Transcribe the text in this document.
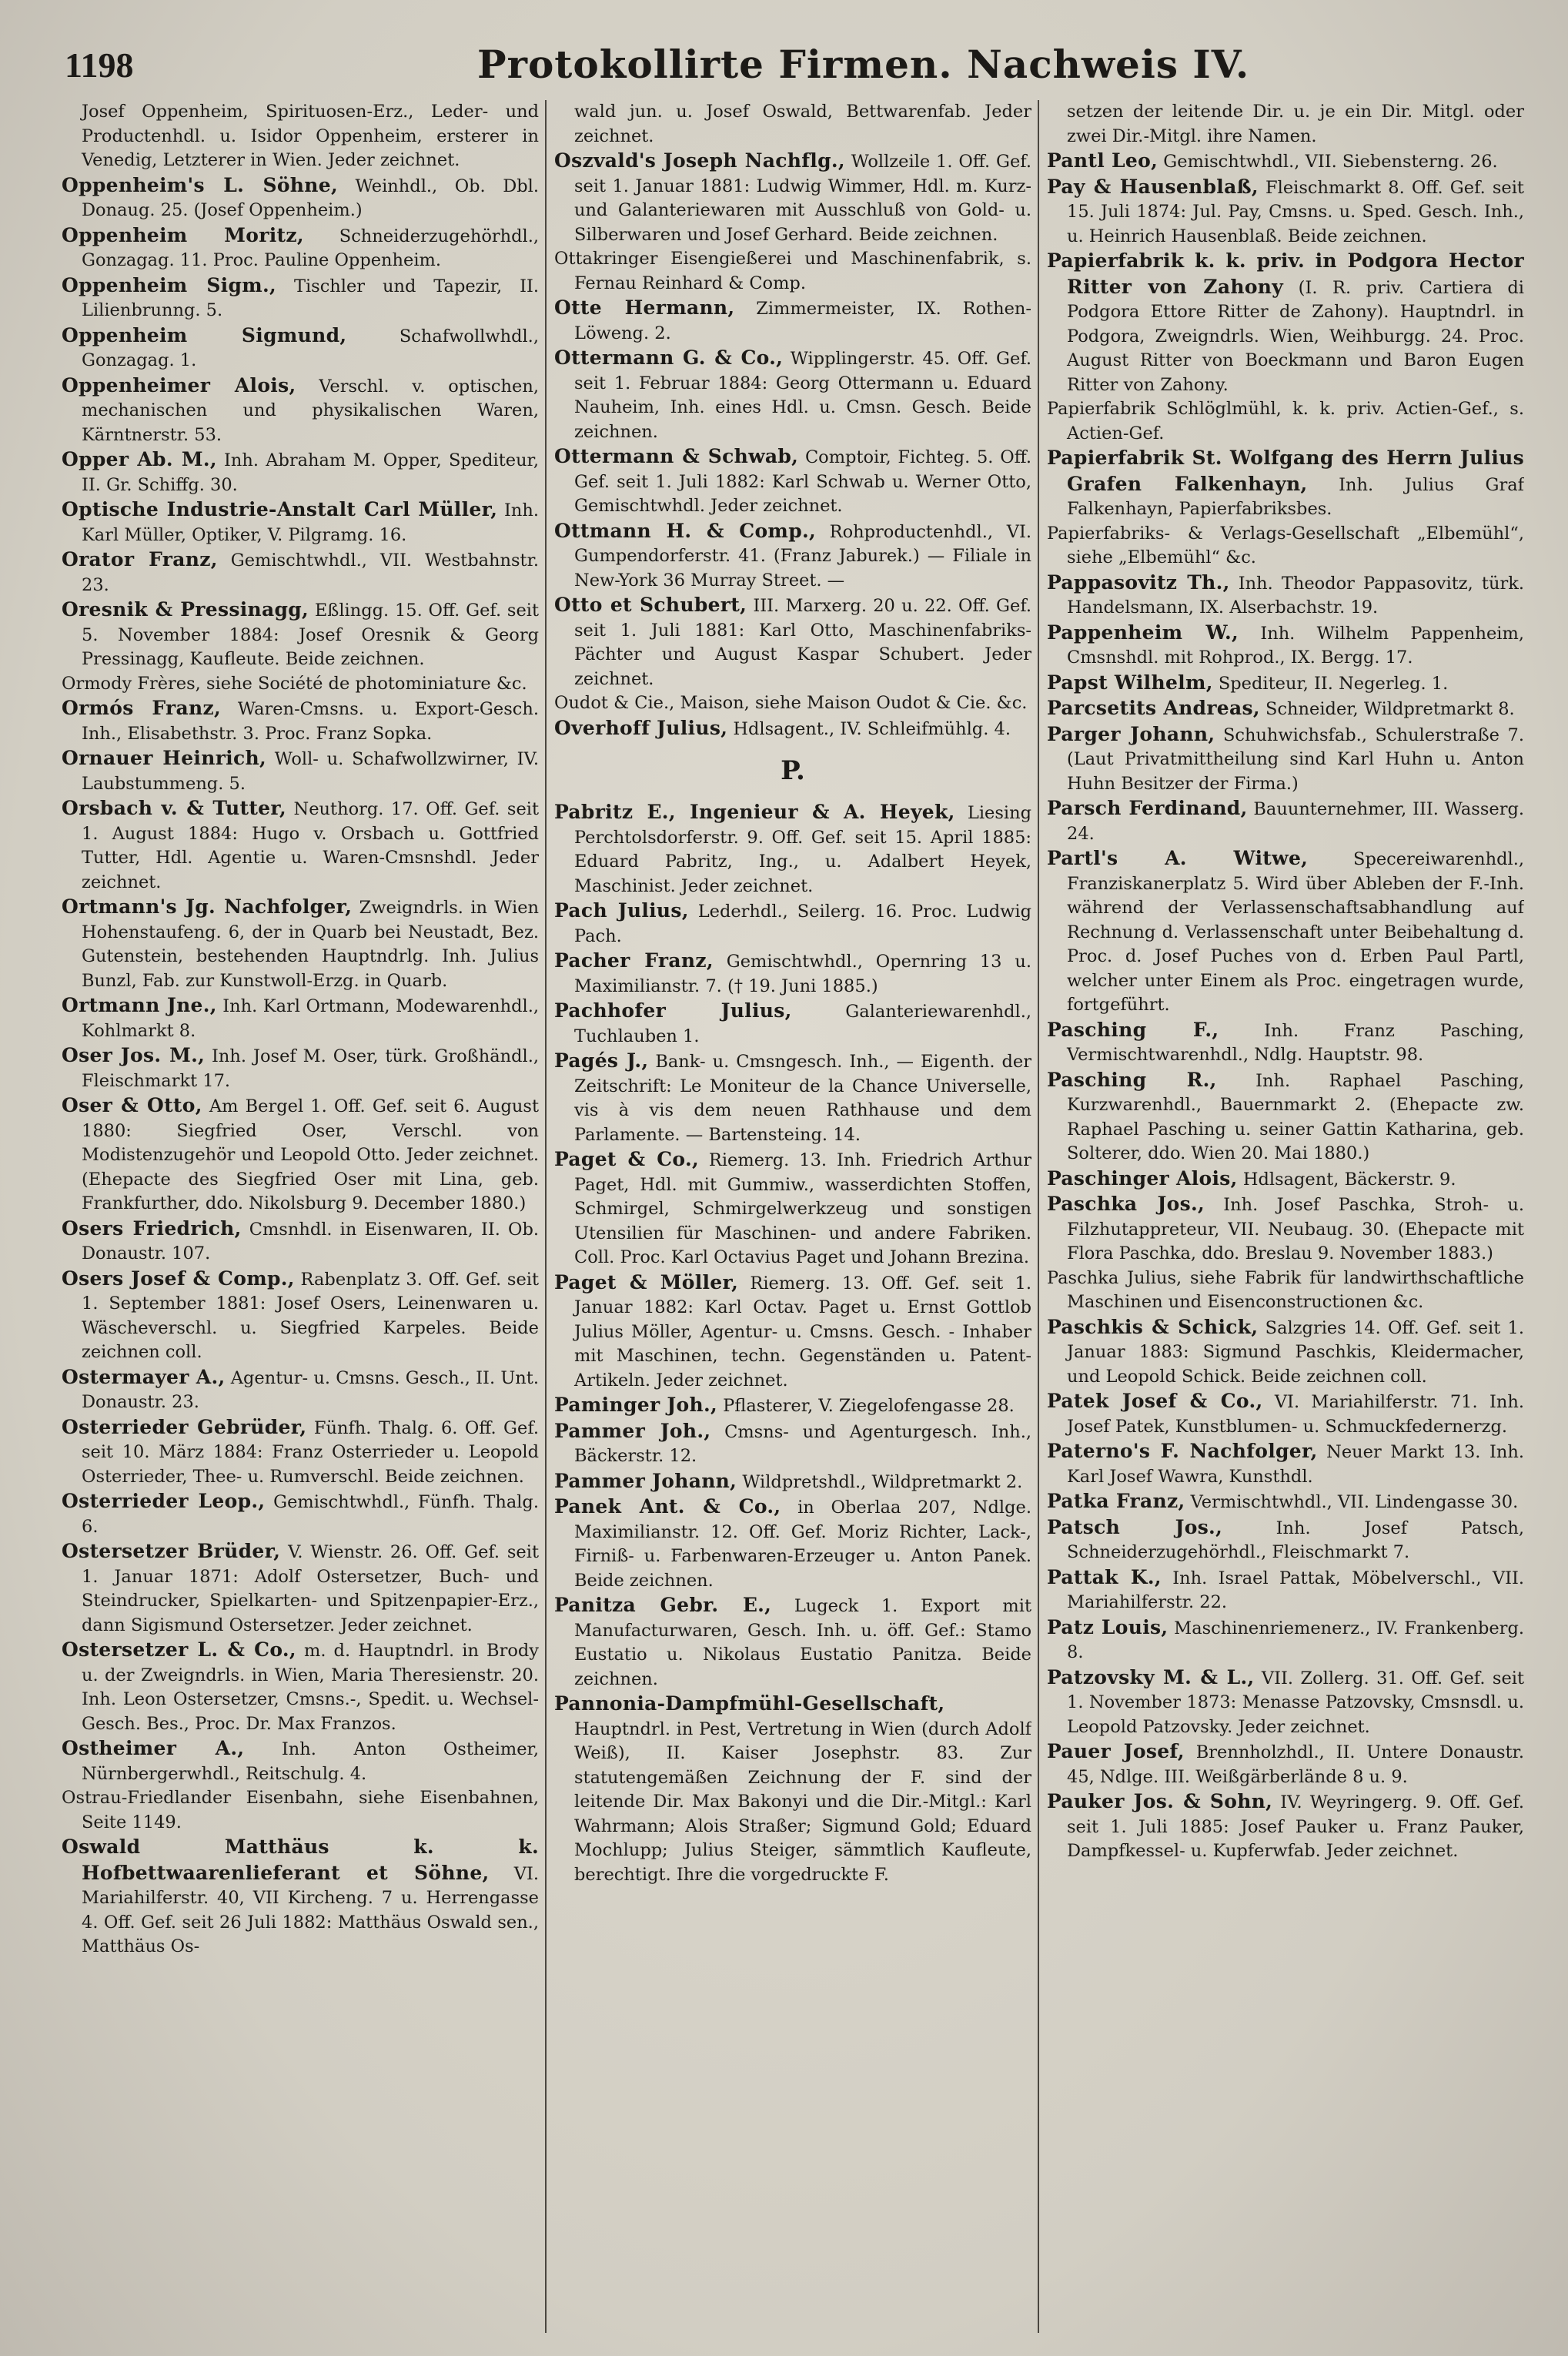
1198	Protokollirte Firmen. Nachweis IV.

Josef Oppenheim, Spirituosen-Erz., Leder- und Productenhdl. u. Isidor Oppenheim, ersterer in Venedig, Letzterer in Wien. Jeder zeichnet.

Oppenheim's L. Söhne, Weinhdl., Ob. Dbl. Donaug. 25. (Josef Oppenheim.)

Oppenheim Moritz, Schneiderzugehörhdl., Gonzagag. 11. Proc. Pauline Oppenheim.

Oppenheim Sigm., Tischler und Tapezir, II. Lilienbrunng. 5.

Oppenheim Sigmund,	Schafwollwhdl., Gonzagag. 1.

Oppenheimer Alois, Verschl. v. optischen, mechanischen und physikalischen Waren, Kärntnerstr. 53.

Opper Ab. M., Inh. Abraham M. Opper, Spediteur, II. Gr. Schiffg. 30.

Optische Industrie-Anstalt Carl Müller, Inh. Karl Müller, Optiker, V. Pilgramg. 16.

Orator Franz, Gemischtwhdl., VII. Westbahnstr. 23.

Oresnik & Pressinagg, Eßlingg. 15. Off. Gef. seit 5. November 1884: Josef Oresnik & Georg Pressinagg, Kaufleute. Beide zeichnen.

Ormody Frères, siehe Société de photominiature &c.

Ormós Franz, Waren-Cmsns. u. Export-Gesch. Inh., Elisabethstr. 3. Proc. Franz Sopka.

Ornauer Heinrich, Woll- u. Schafwollzwirner, IV. Laubstummeng. 5.

Orsbach v. & Tutter, Neuthorg. 17. Off. Gef. seit 1. August 1884: Hugo v. Orsbach u. Gottfried Tutter, Hdl. Agentie u. Waren-Cmsnshdl. Jeder zeichnet.

Ortmann's Jg. Nachfolger, Zweigndrls. in Wien Hohenstaufeng. 6, der in Quarb bei Neustadt, Bez. Gutenstein, bestehenden Hauptndrlg. Inh. Julius Bunzl, Fab. zur Kunstwoll-Erzg. in Quarb.

Ortmann Jne., Inh. Karl Ortmann, Modewarenhdl., Kohlmarkt 8.

Oser Jos. M., Inh. Josef M. Oser, türk. Großhändl., Fleischmarkt 17.

Oser & Otto, Am Bergel 1. Off. Gef. seit 6. August 1880: Siegfried Oser, Verschl. von Modistenzugehör und Leopold Otto. Jeder zeichnet. (Ehepacte des Siegfried Oser mit Lina, geb. Frankfurther, ddo. Nikolsburg 9. December 1880.)

Osers Friedrich, Cmsnhdl. in Eisenwaren, II. Ob. Donaustr. 107.

Osers Josef & Comp., Rabenplatz 3. Off. Gef. seit 1. September 1881: Josef Osers, Leinenwaren u. Wäscheverschl. u. Siegfried Karpeles. Beide zeichnen coll.

Ostermayer A., Agentur- u. Cmsns. Gesch., II. Unt. Donaustr. 23.

Osterrieder Gebrüder, Fünfh. Thalg. 6. Off. Gef. seit 10. März 1884: Franz Osterrieder u. Leopold Osterrieder, Thee- u. Rumverschl. Beide zeichnen.

Osterrieder Leop., Gemischtwhdl., Fünfh. Thalg. 6.

Ostersetzer Brüder, V. Wienstr. 26. Off. Gef. seit 1. Januar 1871: Adolf Ostersetzer, Buch- und Steindrucker, Spielkarten- und Spitzenpapier-Erz., dann Sigismund Ostersetzer. Jeder zeichnet.

Ostersetzer L. & Co., m. d. Hauptndrl. in Brody u. der Zweigndrls. in Wien, Maria Theresienstr. 20. Inh. Leon Ostersetzer, Cmsns.-, Spedit. u. Wechsel-Gesch. Bes., Proc. Dr. Max Franzos.

Ostheimer A., Inh. Anton Ostheimer, Nürnbergerwhdl., Reitschulg. 4.

Ostrau-Friedlander Eisenbahn, siehe Eisenbahnen, Seite 1149.

Oswald Matthäus k. k. Hofbettwaarenlieferant et Söhne, VI. Mariahilferstr. 40, VII Kircheng. 7 u. Herrengasse 4. Off. Gef. seit 26 Juli 1882: Matthäus Oswald sen., Matthäus Os-

wald jun. u. Josef Oswald, Bettwarenfab. Jeder zeichnet.

Oszvald's Joseph Nachflg., Wollzeile 1. Off. Gef. seit 1. Januar 1881: Ludwig Wimmer, Hdl. m. Kurz- und Galanteriewaren mit Ausschluß von Gold- u. Silberwaren und Josef Gerhard. Beide zeichnen.

Ottakringer Eisengießerei und Maschinenfabrik, s. Fernau Reinhard & Comp.

Otte Hermann, Zimmermeister, IX. Rothen-Löweng. 2.

Ottermann G. & Co., Wipplingerstr. 45. Off. Gef. seit 1. Februar 1884: Georg Ottermann u. Eduard Nauheim, Inh. eines Hdl. u. Cmsn. Gesch. Beide zeichnen.

Ottermann & Schwab, Comptoir, Fichteg. 5. Off. Gef. seit 1. Juli 1882: Karl Schwab u. Werner Otto, Gemischtwhdl. Jeder zeichnet.

Ottmann H. & Comp., Rohproductenhdl., VI. Gumpendorferstr. 41. (Franz Jaburek.) — Filiale in New-York 36 Murray Street. —

Otto et Schubert, III. Marxerg. 20 u. 22. Off. Gef. seit 1. Juli 1881: Karl Otto, Maschinenfabriks-Pächter und August Kaspar Schubert. Jeder zeichnet.

Oudot & Cie., Maison, siehe Maison Oudot & Cie. &c.

Overhoff Julius, Hdlsagent., IV. Schleifmühlg. 4.

P.

Pabritz E., Ingenieur & A. Heyek, Liesing Perchtolsdorferstr. 9. Off. Gef. seit 15. April 1885: Eduard Pabritz, Ing., u. Adalbert Heyek, Maschinist. Jeder zeichnet.

Pach Julius, Lederhdl., Seilerg. 16. Proc. Ludwig Pach.

Pacher Franz, Gemischtwhdl., Opernring 13 u. Maximilianstr. 7. († 19. Juni 1885.)

Pachhofer Julius,	Galanteriewarenhdl., Tuchlauben 1.

Pagés J., Bank- u. Cmsngesch. Inh., — Eigenth. der Zeitschrift: Le Moniteur de la Chance Universelle, vis à vis dem neuen Rathhause und dem Parlamente. — Bartensteing. 14.

Paget & Co., Riemerg. 13. Inh. Friedrich Arthur Paget, Hdl. mit Gummiw., wasserdichten Stoffen, Schmirgel, Schmirgelwerkzeug und sonstigen Utensilien für Maschinen- und andere Fabriken. Coll. Proc. Karl Octavius Paget und Johann Brezina.

Paget & Möller, Riemerg. 13. Off. Gef. seit 1. Januar 1882: Karl Octav. Paget u. Ernst Gottlob Julius Möller, Agentur- u. Cmsns. Gesch. - Inhaber mit Maschinen, techn. Gegenständen u. Patent-Artikeln. Jeder zeichnet.

Paminger Joh., Pflasterer, V. Ziegelofengasse 28.

Pammer Joh., Cmsns- und Agenturgesch. Inh., Bäckerstr. 12.

Pammer Johann, Wildpretshdl., Wildpretmarkt 2.

Panek Ant. & Co., in Oberlaa 207, Ndlge. Maximilianstr. 12. Off. Gef. Moriz Richter, Lack-, Firniß- u. Farbenwaren-Erzeuger u. Anton Panek. Beide zeichnen.

Panitza Gebr. E., Lugeck 1. Export mit Manufacturwaren, Gesch. Inh. u. öff. Gef.: Stamo Eustatio u. Nikolaus Eustatio Panitza. Beide zeichnen.

Pannonia-Dampfmühl-Gesellschaft, Hauptndrl. in Pest, Vertretung in Wien (durch Adolf Weiß), II. Kaiser Josephstr. 83. Zur statutengemäßen Zeichnung der F. sind der leitende Dir. Max Bakonyi und die Dir.-Mitgl.: Karl Wahrmann; Alois Straßer; Sigmund Gold; Eduard Mochlupp; Julius Steiger, sämmtlich Kaufleute, berechtigt. Ihre die vorgedruckte F.

setzen der leitende Dir. u. je ein Dir. Mitgl. oder zwei Dir.-Mitgl. ihre Namen.

Pantl Leo, Gemischtwhdl., VII. Siebensterng. 26.

Pay & Hausenblaß, Fleischmarkt 8. Off. Gef. seit 15. Juli 1874: Jul. Pay, Cmsns. u. Sped. Gesch. Inh., u. Heinrich Hausenblaß. Beide zeichnen.

Papierfabrik k. k. priv. in Podgora Hector Ritter von Zahony (I. R. priv. Cartiera di Podgora Ettore Ritter de Zahony). Hauptndrl. in Podgora, Zweigndrls. Wien, Weihburgg. 24. Proc. August Ritter von Boeckmann und Baron Eugen Ritter von Zahony.

Papierfabrik Schlöglmühl, k. k. priv. Actien-Gef., s. Actien-Gef.

Papierfabrik St. Wolfgang des Herrn Julius Grafen Falkenhayn, Inh. Julius Graf Falkenhayn, Papierfabriksbes.

Papierfabriks- & Verlags-Gesellschaft „Elbemühl“, siehe „Elbemühl“ &c.

Pappasovitz Th., Inh. Theodor Pappasovitz, türk. Handelsmann, IX. Alserbachstr. 19.

Pappenheim W., Inh. Wilhelm Pappenheim, Cmsnshdl. mit Rohprod., IX. Bergg. 17.

Papst Wilhelm, Spediteur, II. Negerleg. 1.

Parcsetits Andreas, Schneider, Wildpretmarkt 8.

Parger Johann, Schuhwichsfab., Schulerstraße 7. (Laut Privatmittheilung sind Karl Huhn u. Anton Huhn Besitzer der Firma.)

Parsch Ferdinand, Bauunternehmer, III. Wasserg. 24.

Partl's A. Witwe,	Specereiwarenhdl., Franziskanerplatz 5. Wird über Ableben der F.-Inh. während der Verlassenschaftsabhandlung auf Rechnung d. Verlassenschaft unter Beibehaltung d. Proc. d. Josef Puches von d. Erben Paul Partl, welcher unter Einem als Proc. eingetragen wurde, fortgeführt.

Pasching F.,	Inh. Franz Pasching, Vermischtwarenhdl., Ndlg. Hauptstr. 98.

Pasching R., Inh. Raphael Pasching, Kurzwarenhdl., Bauernmarkt 2. (Ehepacte zw. Raphael Pasching u. seiner Gattin Katharina, geb. Solterer, ddo. Wien 20. Mai 1880.)

Paschinger Alois, Hdlsagent, Bäckerstr. 9.

Paschka Jos., Inh. Josef Paschka, Stroh- u. Filzhutappreteur, VII. Neubaug. 30. (Ehepacte mit Flora Paschka, ddo. Breslau 9. November 1883.)

Paschka Julius, siehe Fabrik für landwirthschaftliche Maschinen und Eisenconstructionen &c.

Paschkis & Schick, Salzgries 14. Off. Gef. seit 1. Januar 1883: Sigmund Paschkis, Kleidermacher, und Leopold Schick. Beide zeichnen coll.

Patek Josef & Co., VI. Mariahilferstr. 71. Inh. Josef Patek, Kunstblumen- u. Schmuckfedernerzg.

Paterno's F. Nachfolger, Neuer Markt 13. Inh. Karl Josef Wawra, Kunsthdl.

Patka Franz, Vermischtwhdl., VII. Lindengasse 30.

Patsch Jos.,	Inh. Josef Patsch, Schneiderzugehörhdl., Fleischmarkt 7.

Pattak K., Inh. Israel Pattak, Möbelverschl., VII. Mariahilferstr. 22.

Patz Louis, Maschinenriemenerz., IV. Frankenberg. 8.

Patzovsky M. & L., VII. Zollerg. 31. Off. Gef. seit 1. November 1873: Menasse Patzovsky, Cmsnsdl. u. Leopold Patzovsky. Jeder zeichnet.

Pauer Josef, Brennholzhdl., II. Untere Donaustr. 45, Ndlge. III. Weißgärberlände 8 u. 9.

Pauker Jos. & Sohn, IV. Weyringerg. 9. Off. Gef. seit 1. Juli 1885: Josef Pauker u. Franz Pauker, Dampfkessel- u. Kupferwfab. Jeder zeichnet.
